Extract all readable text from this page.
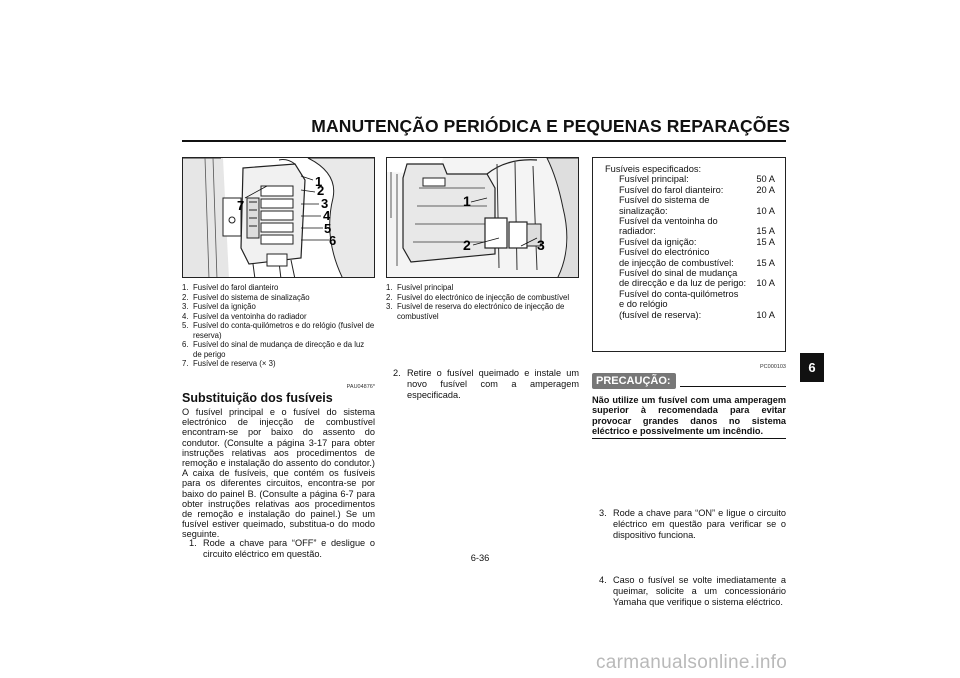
MANUTENÇÃO PERIÓDICA E PEQUENAS REPARAÇÕES
6
1
2
3
4
5
6
7
1. Fusível do farol dianteiro
2. Fusível do sistema de sinalização
3. Fusível da ignição
4. Fusível da ventoinha do radiador
5. Fusível do conta-quilómetros e do relógio (fusível de reserva)
6. Fusível do sinal de mudança de direcção e da luz de perigo
7. Fusível de reserva (× 3)
PAU04876*
Substituição dos fusíveis
O fusível principal e o fusível do sistema electrónico de injecção de combustível encontram-se por baixo do assento do condutor. (Consulte a página 3-17 para obter instruções relativas aos procedimentos de remoção e instalação do assento do condutor.) A caixa de fusíveis, que contém os fusíveis para os diferentes circuitos, encontra-se por baixo do painel B. (Consulte a página 6-7 para obter instruções relativas aos procedimentos de remoção e instalação do painel.) Se um fusível estiver queimado, substitua-o do modo seguinte.
1. Rode a chave para “OFF” e desligue o circuito eléctrico em questão.
1
2	3
1. Fusível principal
2. Fusível do electrónico de injecção de combustível
3. Fusível de reserva do electrónico de injecção de combustível
2. Retire o fusível queimado e instale um novo fusível com a amperagem especificada.
Fusíveis especificados:
Fusível principal:	50 A
Fusível do farol dianteiro:	20 A
Fusível do sistema de
sinalização:	10 A
Fusível da ventoinha do
radiador:	15 A
Fusível da ignição:	15 A
Fusível do electrónico
de injecção de combustível: 15 A
Fusível do sinal de mudança
de direcção e da luz de perigo: 10 A
Fusível do conta-quilómetros
e do relógio
(fusível de reserva):	10 A
PC000103
PRECAUÇÃO:
Não utilize um fusível com uma amperagem superior à recomendada para evitar provocar grandes danos no sistema eléctrico e possivelmente um incêndio.
3. Rode a chave para “ON” e ligue o circuito eléctrico em questão para verificar se o dispositivo funciona.
4. Caso o fusível se volte imediatamente a queimar, solicite a um concessionário Yamaha que verifique o sistema eléctrico.
6-36
carmanualsonline.info
